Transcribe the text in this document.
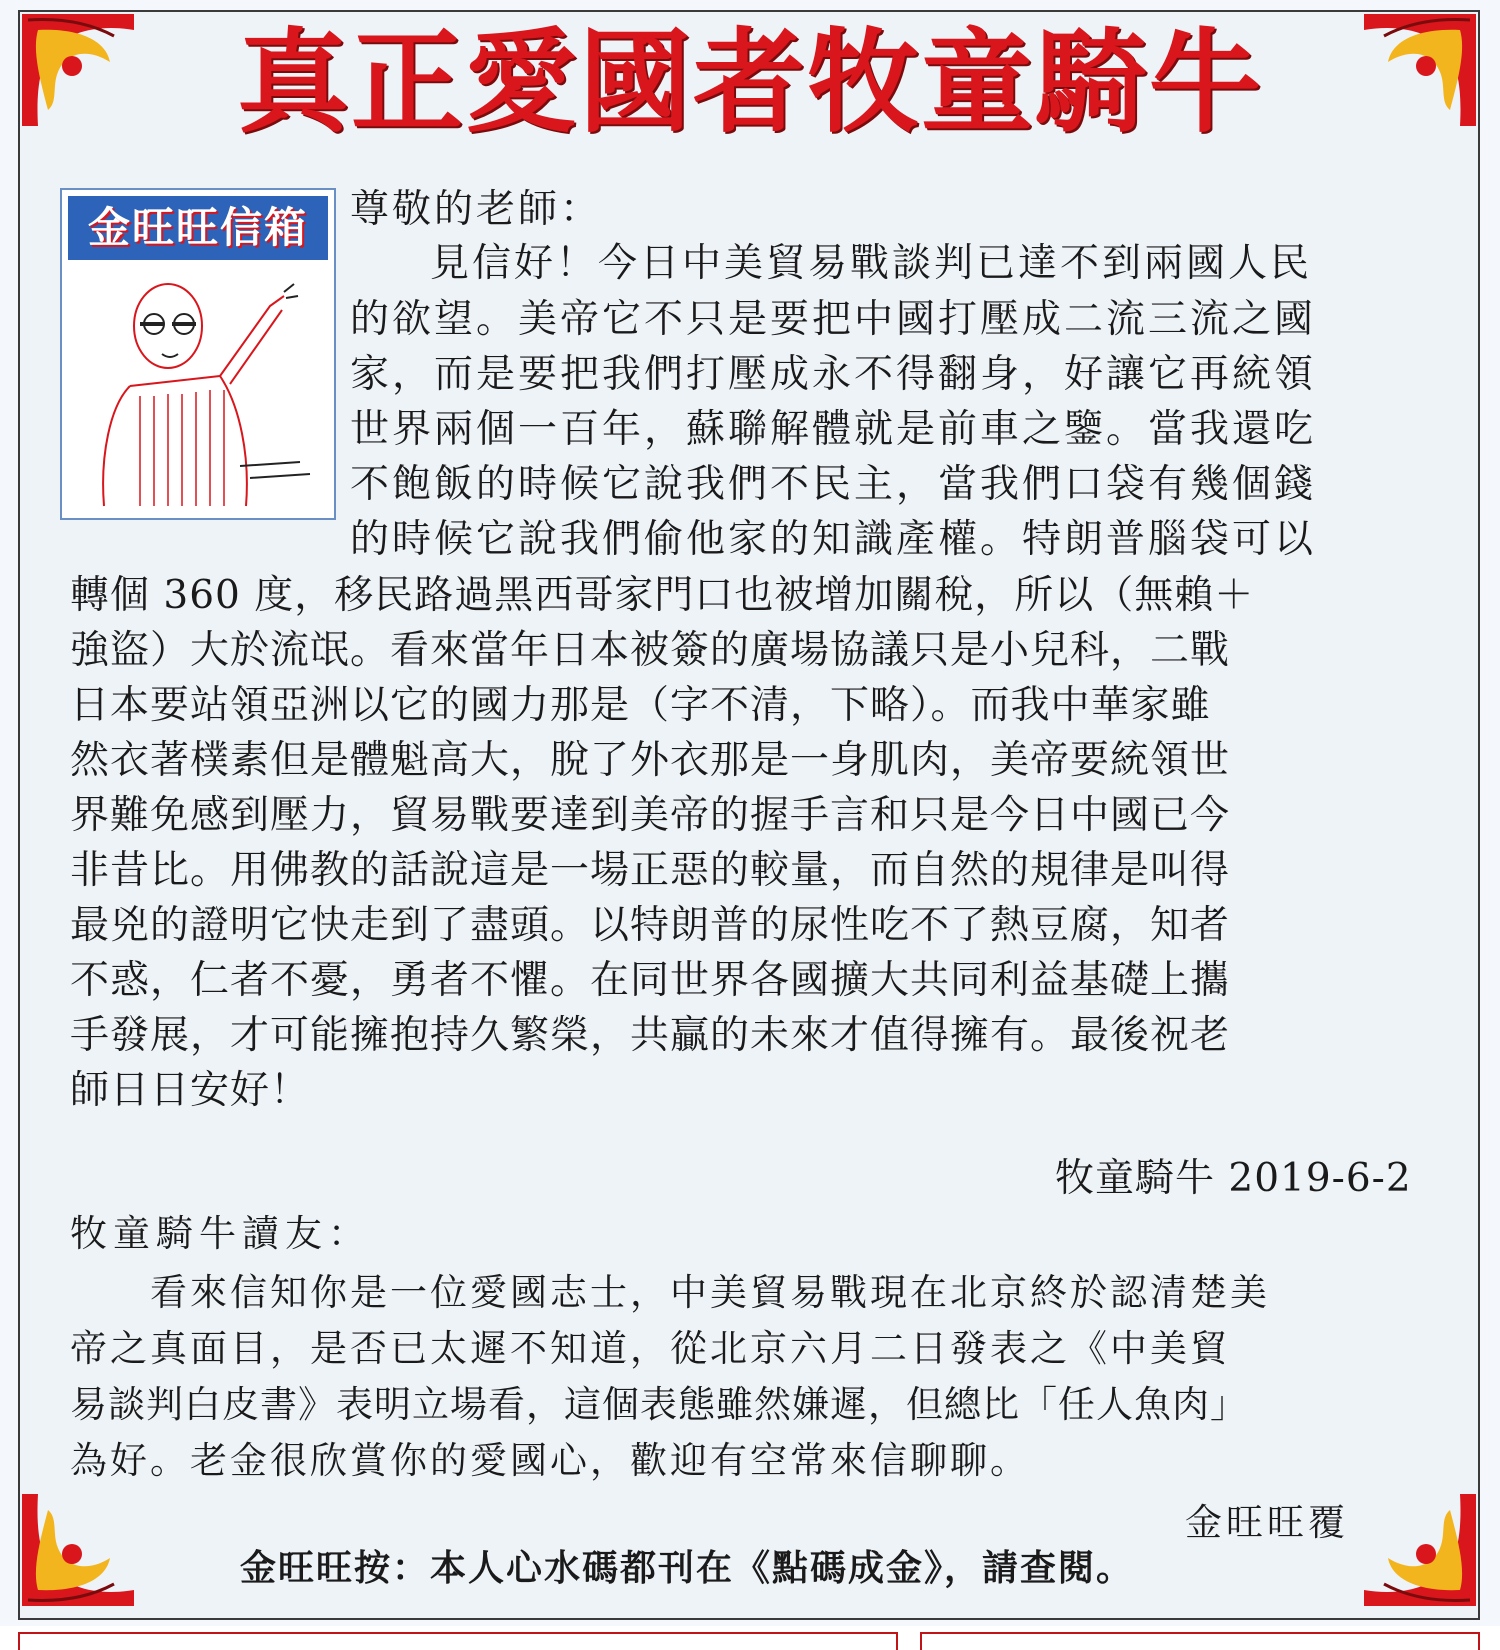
真正愛國者牧童騎牛
金旺旺信箱	尊敬的老師：
見信好！今日中美貿易戰談判已達不到兩國人民
的欲望。美帝它不只是要把中國打壓成二流三流之國
家，而是要把我們打壓成永不得翻身，好讓它再統領
世界兩個一百年，蘇聯解體就是前車之鑒。當我還吃
不飽飯的時候它說我們不民主，當我們口袋有幾個錢
的時候它說我們偷他家的知識產權。特朗普腦袋可以
轉個 360 度，移民路過黑西哥家門口也被增加關稅，所以（無賴＋
強盜）大於流氓。看來當年日本被簽的廣場協議只是小兒科，二戰
日本要站領亞洲以它的國力那是（字不清，下略）。而我中華家雖
然衣著樸素但是體魁高大，脫了外衣那是一身肌肉，美帝要統領世
界難免感到壓力，貿易戰要達到美帝的握手言和只是今日中國已今
非昔比。用佛教的話說這是一場正惡的較量，而自然的規律是叫得
最兇的證明它快走到了盡頭。以特朗普的尿性吃不了熱豆腐，知者
不惑，仁者不憂，勇者不懼。在同世界各國擴大共同利益基礎上攜
手發展，才可能擁抱持久繁榮，共贏的未來才值得擁有。最後祝老
師日日安好！
牧童騎牛 2019-6-2
牧童騎牛讀友：
看來信知你是一位愛國志士，中美貿易戰現在北京終於認清楚美
帝之真面目，是否已太遲不知道，從北京六月二日發表之《中美貿
易談判白皮書》表明立場看，這個表態雖然嫌遲，但總比「任人魚肉」
為好。老金很欣賞你的愛國心，歡迎有空常來信聊聊。
金旺旺覆
金旺旺按：本人心水碼都刊在《點碼成金》，請查閱。
